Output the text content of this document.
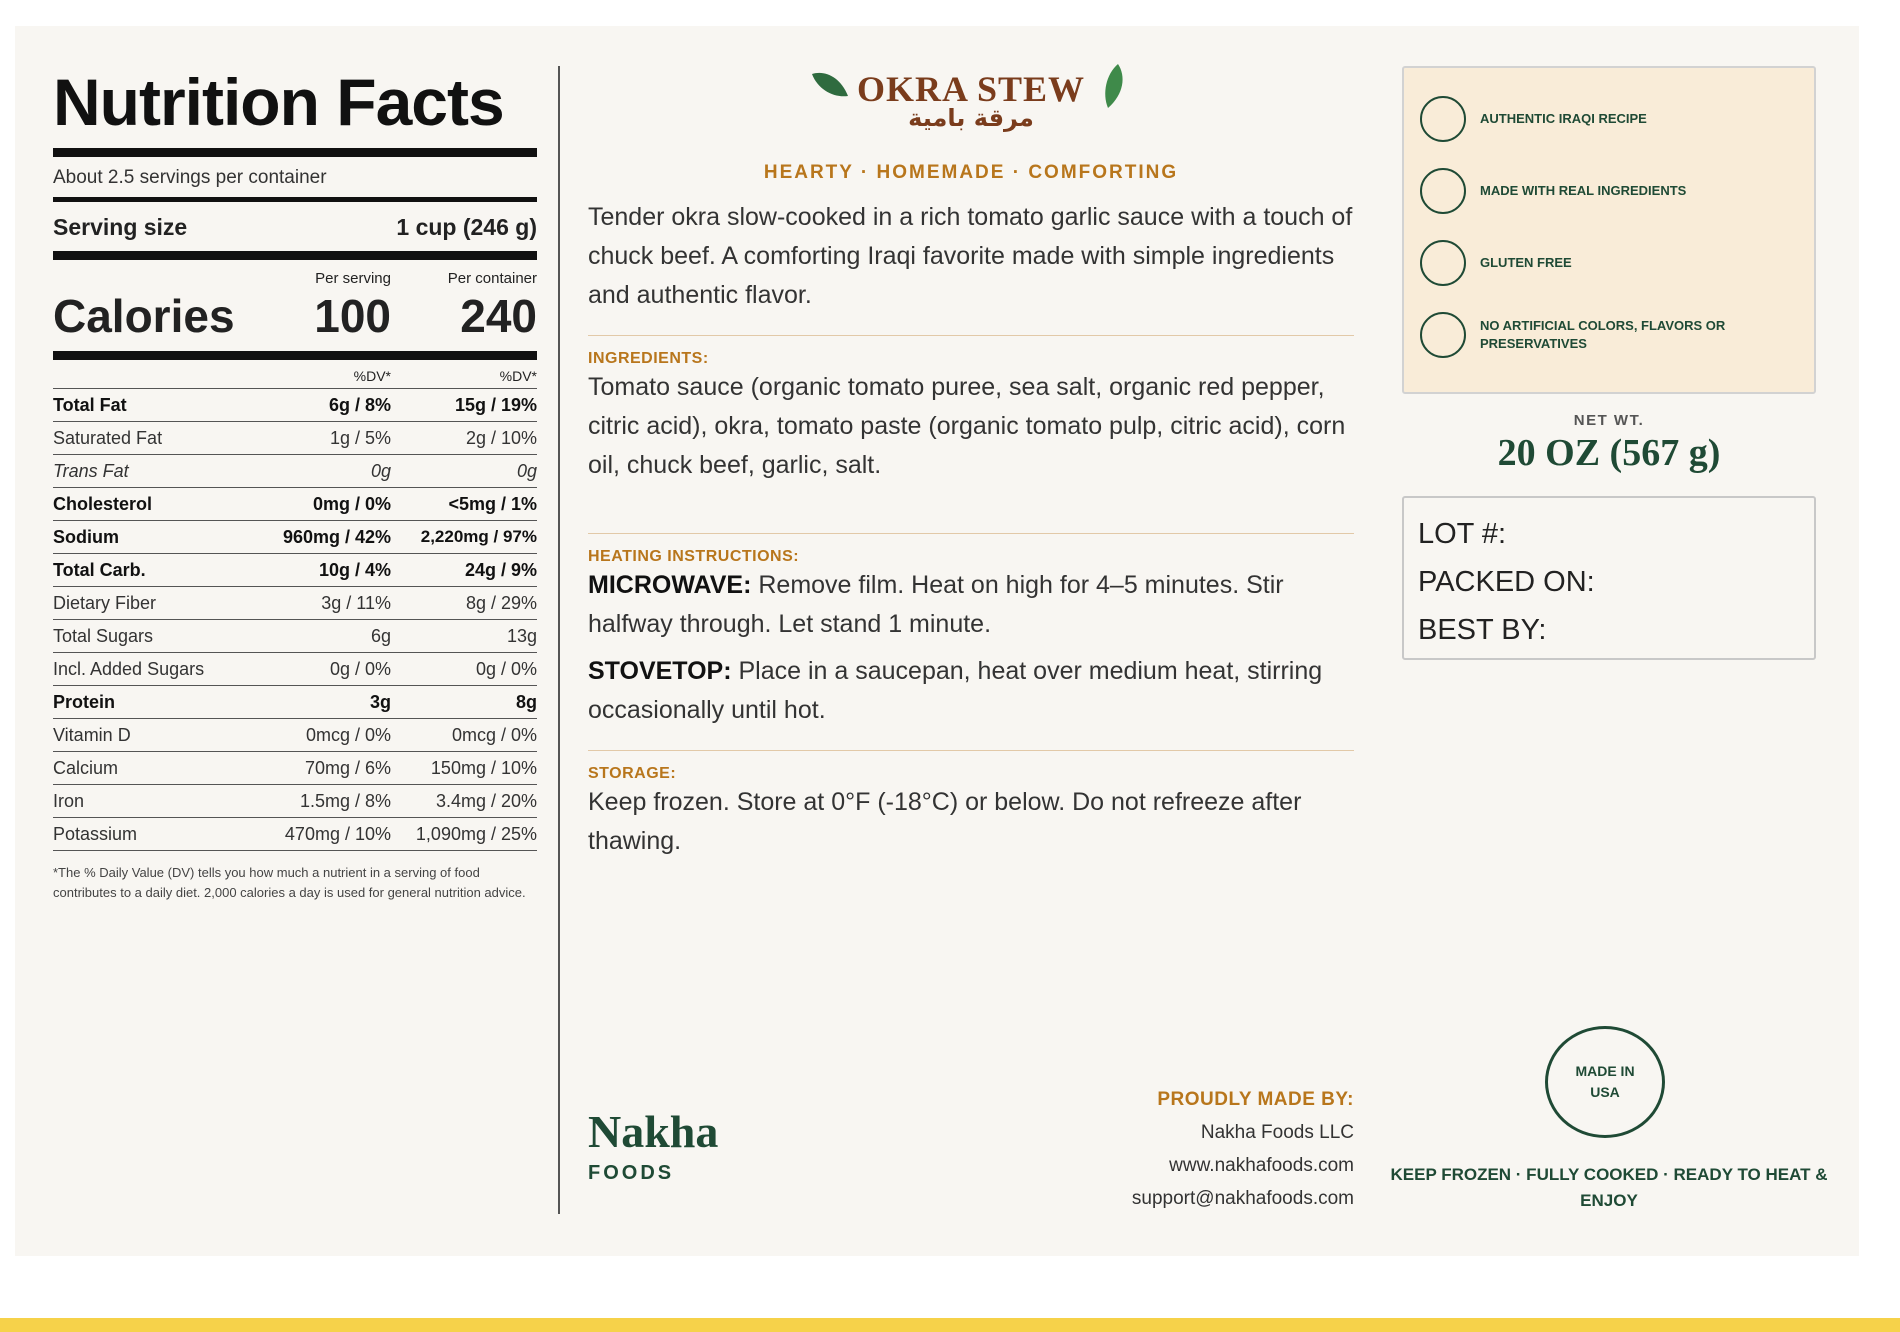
Nutrition Facts
About 2.5 servings per container
Serving size	1 cup (246 g)
Per serving	Per container
Calories	100	240
%DV*	%DV*
Total Fat	6g / 8%	15g / 19%
Saturated Fat	1g / 5%	2g / 10%
Trans Fat	0g	0g
Cholesterol	0mg / 0%	<5mg / 1%
Sodium	960mg / 42%	2,220mg / 97%
Total Carb.	10g / 4%	24g / 9%
Dietary Fiber	3g / 11%	8g / 29%
Total Sugars	6g	13g
Incl. Added Sugars	0g / 0%	0g / 0%
Protein	3g	8g
Vitamin D	0mcg / 0%	0mcg / 0%
Calcium	70mg / 6%	150mg / 10%
Iron	1.5mg / 8%	3.4mg / 20%
Potassium	470mg / 10%	1,090mg / 25%
*The % Daily Value (DV) tells you how much a nutrient in a serving of food contributes to a daily diet. 2,000 calories a day is used for general nutrition advice.
OKRA STEW
مرقة بامية
HEARTY · HOMEMADE · COMFORTING
Tender okra slow-cooked in a rich tomato garlic sauce with a touch of chuck beef. A comforting Iraqi favorite made with simple ingredients and authentic flavor.
INGREDIENTS:
Tomato sauce (organic tomato puree, sea salt, organic red pepper, citric acid), okra, tomato paste (organic tomato pulp, citric acid), corn oil, chuck beef, garlic, salt.
HEATING INSTRUCTIONS:
MICROWAVE: Remove film. Heat on high for 4–5 minutes. Stir halfway through. Let stand 1 minute.
STOVETOP: Place in a saucepan, heat over medium heat, stirring occasionally until hot.
STORAGE:
Keep frozen. Store at 0°F (-18°C) or below. Do not refreeze after thawing.
Nakha
FOODS
PROUDLY MADE BY:
Nakha Foods LLC
www.nakhafoods.com
support@nakhafoods.com
AUTHENTIC IRAQI RECIPE
MADE WITH REAL INGREDIENTS
GLUTEN FREE
NO ARTIFICIAL COLORS, FLAVORS OR PRESERVATIVES
NET WT.
20 OZ (567 g)
LOT #:
PACKED ON:
BEST BY:
MADE IN USA
KEEP FROZEN · FULLY COOKED · READY TO HEAT & ENJOY
